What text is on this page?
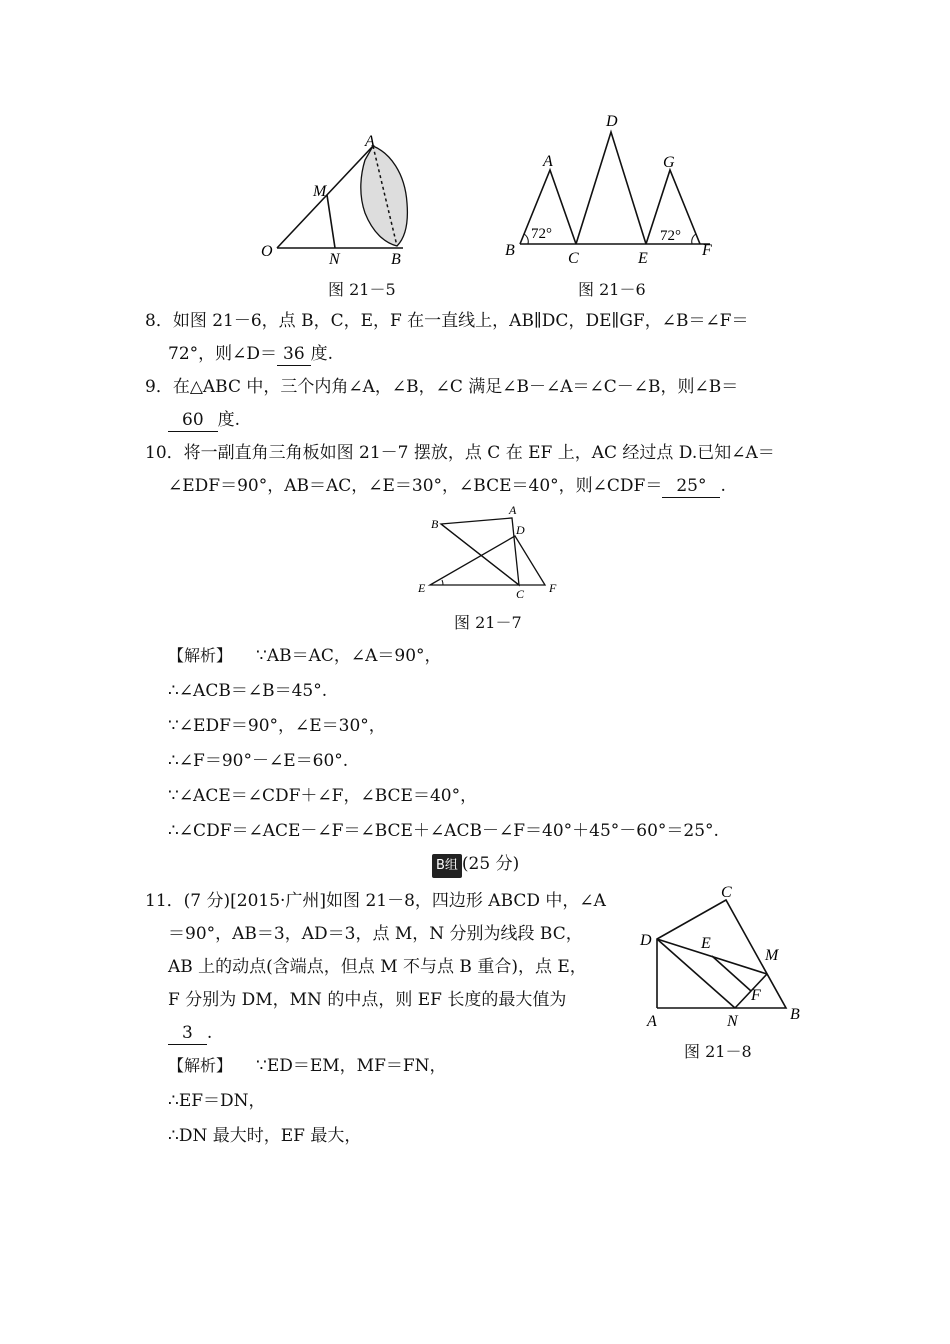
A
M
O	N	B
图 21－5
72°	72°
A
D
G
B	C	E	F
图 21－6
8．如图 21－6，点 B，C，E，F 在一直线上，AB∥DC，DE∥GF，∠B＝∠F＝
72°，则∠D＝ 36 度.
9．在△ABC 中，三个内角∠A，∠B，∠C 满足∠B－∠A＝∠C－∠B，则∠B＝
60 度.
10．将一副直角三角板如图 21－7 摆放，点 C 在 EF 上，AC 经过点 D.已知∠A＝
∠EDF＝90°，AB＝AC，∠E＝30°，∠BCE＝40°，则∠CDF＝ 25° .
B
A
D
E	C F
图 21－7
【解析】 ∵AB＝AC，∠A＝90°，
∴∠ACB＝∠B＝45°.
∵∠EDF＝90°，∠E＝30°，
∴∠F＝90°－∠E＝60°.
∵∠ACE＝∠CDF＋∠F，∠BCE＝40°，
∴∠CDF＝∠ACE－∠F＝∠BCE＋∠ACB－∠F＝40°＋45°－60°＝25°.
B组 (25 分)
11．(7 分)[2015·广州]如图 21－8，四边形 ABCD 中，∠A
＝90°，AB＝3，AD＝3，点 M，N 分别为线段 BC，
AB 上的动点(含端点，但点 M 不与点 B 重合)，点 E，
F 分别为 DM，MN 的中点，则 EF 长度的最大值为
3 .
C
D	E
M
F
A	N	B
图 21－8
【解析】 ∵ED＝EM，MF＝FN，
∴EF＝DN，
∴DN 最大时，EF 最大，
